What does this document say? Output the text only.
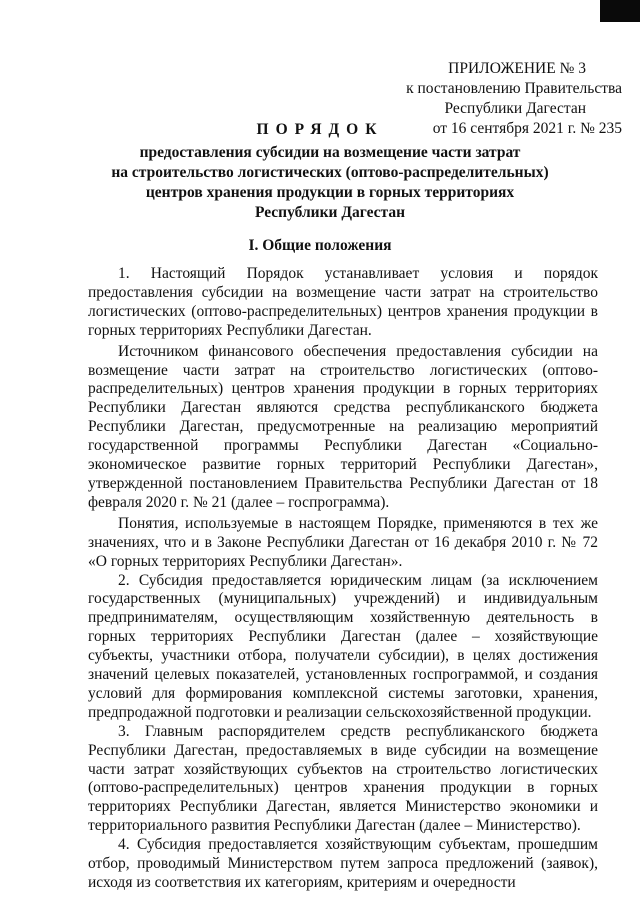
ПРИЛОЖЕНИЕ № 3
к постановлению Правительства
Республики Дагестан
от 16 сентября 2021 г. № 235
ПОРЯДОК
предоставления субсидии на возмещение части затрат
на строительство логистических (оптово-распределительных)
центров хранения продукции в горных территориях
Республики Дагестан
I. Общие положения

1. Настоящий Порядок устанавливает условия и порядок предоставления субсидии на возмещение части затрат на строительство логистических (оптово-распределительных) центров хранения продукции в горных территориях Республики Дагестан.

Источником финансового обеспечения предоставления субсидии на возмещение части затрат на строительство логистических (оптово-распределительных) центров хранения продукции в горных территориях Республики Дагестан являются средства республиканского бюджета Республики Дагестан, предусмотренные на реализацию мероприятий государственной программы Республики Дагестан «Социально-экономическое развитие горных территорий Республики Дагестан», утвержденной постановлением Правительства Республики Дагестан от 18 февраля 2020 г. № 21 (далее – госпрограмма).

Понятия, используемые в настоящем Порядке, применяются в тех же значениях, что и в Законе Республики Дагестан от 16 декабря 2010 г. № 72 «О горных территориях Республики Дагестан».

2. Субсидия предоставляется юридическим лицам (за исключением государственных (муниципальных) учреждений) и индивидуальным предпринимателям, осуществляющим хозяйственную деятельность в горных территориях Республики Дагестан (далее – хозяйствующие субъекты, участники отбора, получатели субсидии), в целях достижения значений целевых показателей, установленных госпрограммой, и создания условий для формирования комплексной системы заготовки, хранения, предпродажной подготовки и реализации сельскохозяйственной продукции.

3. Главным распорядителем средств республиканского бюджета Республики Дагестан, предоставляемых в виде субсидии на возмещение части затрат хозяйствующих субъектов на строительство логистических (оптово-распределительных) центров хранения продукции в горных территориях Республики Дагестан, является Министерство экономики и территориального развития Республики Дагестан (далее – Министерство).

4. Субсидия предоставляется хозяйствующим субъектам, прошедшим отбор, проводимый Министерством путем запроса предложений (заявок), исходя из соответствия их категориям, критериям и очередности
